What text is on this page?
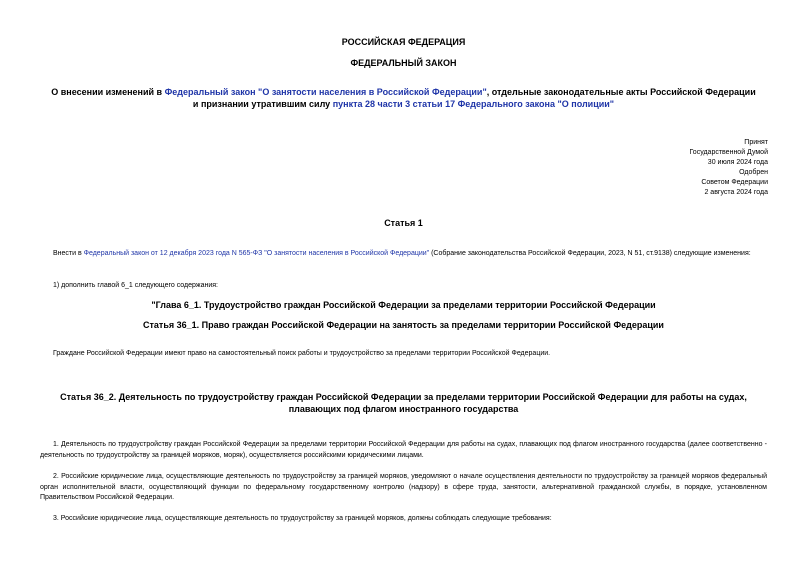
РОССИЙСКАЯ ФЕДЕРАЦИЯ
ФЕДЕРАЛЬНЫЙ ЗАКОН
О внесении изменений в Федеральный закон "О занятости населения в Российской Федерации", отдельные законодательные акты Российской Федерации и признании утратившим силу пункта 28 части 3 статьи 17 Федерального закона "О полиции"
Принят
Государственной Думой
30 июля 2024 года
Одобрен
Советом Федерации
2 августа 2024 года
Статья 1
Внести в Федеральный закон от 12 декабря 2023 года N 565-ФЗ "О занятости населения в Российской Федерации" (Собрание законодательства Российской Федерации, 2023, N 51, ст.9138) следующие изменения:
1) дополнить главой 6_1 следующего содержания:
"Глава 6_1. Трудоустройство граждан Российской Федерации за пределами территории Российской Федерации
Статья 36_1. Право граждан Российской Федерации на занятость за пределами территории Российской Федерации
Граждане Российской Федерации имеют право на самостоятельный поиск работы и трудоустройство за пределами территории Российской Федерации.
Статья 36_2. Деятельность по трудоустройству граждан Российской Федерации за пределами территории Российской Федерации для работы на судах, плавающих под флагом иностранного государства
1. Деятельность по трудоустройству граждан Российской Федерации за пределами территории Российской Федерации для работы на судах, плавающих под флагом иностранного государства (далее соответственно - деятельность по трудоустройству за границей моряков, моряк), осуществляется российскими юридическими лицами.
2. Российские юридические лица, осуществляющие деятельность по трудоустройству за границей моряков, уведомляют о начале осуществления деятельности по трудоустройству за границей моряков федеральный орган исполнительной власти, осуществляющий функции по федеральному государственному контролю (надзору) в сфере труда, занятости, альтернативной гражданской службы, в порядке, установленном Правительством Российской Федерации.
3. Российские юридические лица, осуществляющие деятельность по трудоустройству за границей моряков, должны соблюдать следующие требования:
